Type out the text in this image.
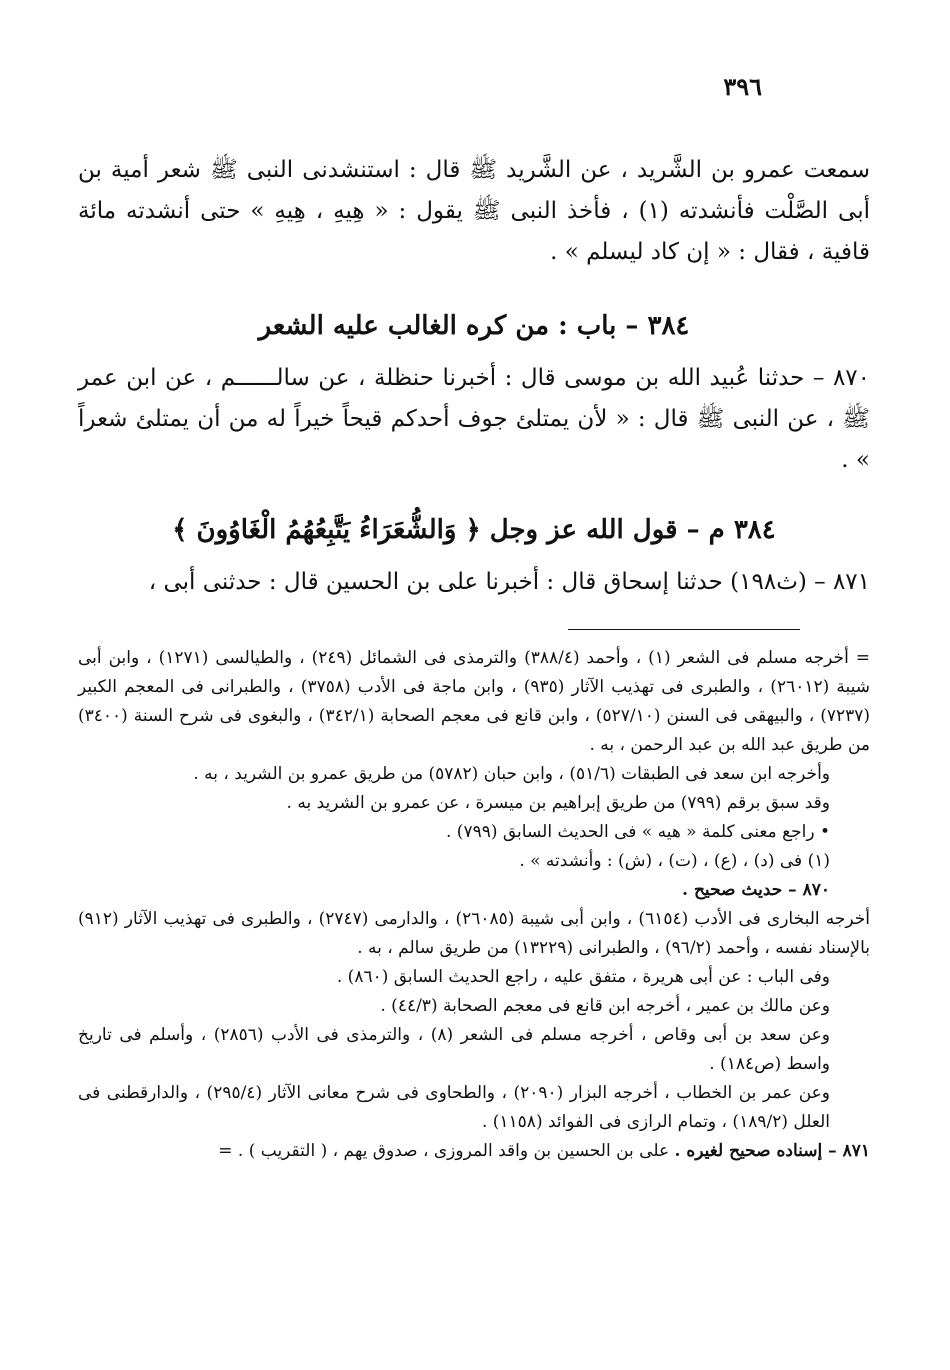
٣٩٦
سمعت عمرو بن الشَّريد ، عن الشَّريد ﷺ قال : استنشدنى النبى ﷺ شعر أمية بن أبى الصَّلْت فأنشدته (١) ، فأخذ النبى ﷺ يقول : « هِيهِ ، هِيهِ » حتى أنشدته مائة قافية ، فقال : « إن كاد ليسلم » .
٣٨٤ – باب : من كره الغالب عليه الشعر
٨٧٠ – حدثنا عُبيد الله بن موسى قال : أخبرنا حنظلة ، عن سالــــــم ، عن ابن عمر ﷺ ، عن النبى ﷺ قال : « لأن يمتلئ جوف أحدكم قيحاً خيراً له من أن يمتلئ شعراً » .
٣٨٤ م – قول الله عز وجل ﴿ وَالشُّعَرَاءُ يَتَّبِعُهُمُ الْغَاوُونَ ﴾
٨٧١ – (ث١٩٨) حدثنا إسحاق قال : أخبرنا على بن الحسين قال : حدثنى أبى ،

= أخرجه مسلم فى الشعر (١) ، وأحمد (٣٨٨/٤) والترمذى فى الشمائل (٢٤٩) ، والطيالسى (١٢٧١) ، وابن أبى شيبة (٢٦٠١٢) ، والطبرى فى تهذيب الآثار (٩٣٥) ، وابن ماجة فى الأدب (٣٧٥٨) ، والطبرانى فى المعجم الكبير (٧٢٣٧) ، والبيهقى فى السنن (٥٢٧/١٠) ، وابن قانع فى معجم الصحابة (٣٤٢/١) ، والبغوى فى شرح السنة (٣٤٠٠) من طريق عبد الله بن عبد الرحمن ، به .

وأخرجه ابن سعد فى الطبقات (٥١/٦) ، وابن حبان (٥٧٨٢) من طريق عمرو بن الشريد ، به .

وقد سبق برقم (٧٩٩) من طريق إبراهيم بن ميسرة ، عن عمرو بن الشريد به .

• راجع معنى كلمة « هيه » فى الحديث السابق (٧٩٩) .

(١) فى (د) ، (ع) ، (ت) ، (ش) : وأنشدته » .

٨٧٠ – حديث صحيح .

أخرجه البخارى فى الأدب (٦١٥٤) ، وابن أبى شيبة (٢٦٠٨٥) ، والدارمى (٢٧٤٧) ، والطبرى فى تهذيب الآثار (٩١٢) بالإسناد نفسه ، وأحمد (٩٦/٢) ، والطبرانى (١٣٢٢٩) من طريق سالم ، به .

وفى الباب : عن أبى هريرة ، متفق عليه ، راجع الحديث السابق (٨٦٠) .

وعن مالك بن عمير ، أخرجه ابن قانع فى معجم الصحابة (٤٤/٣) .

وعن سعد بن أبى وقاص ، أخرجه مسلم فى الشعر (٨) ، والترمذى فى الأدب (٢٨٥٦) ، وأسلم فى تاريخ واسط (ص١٨٤) .

وعن عمر بن الخطاب ، أخرجه البزار (٢٠٩٠) ، والطحاوى فى شرح معانى الآثار (٢٩٥/٤) ، والدارقطنى فى العلل (١٨٩/٢) ، وتمام الرازى فى الفوائد (١١٥٨) .

٨٧١ – إسناده صحيح لغيره . على بن الحسين بن واقد المروزى ، صدوق يهم ، ( التقريب ) . =
